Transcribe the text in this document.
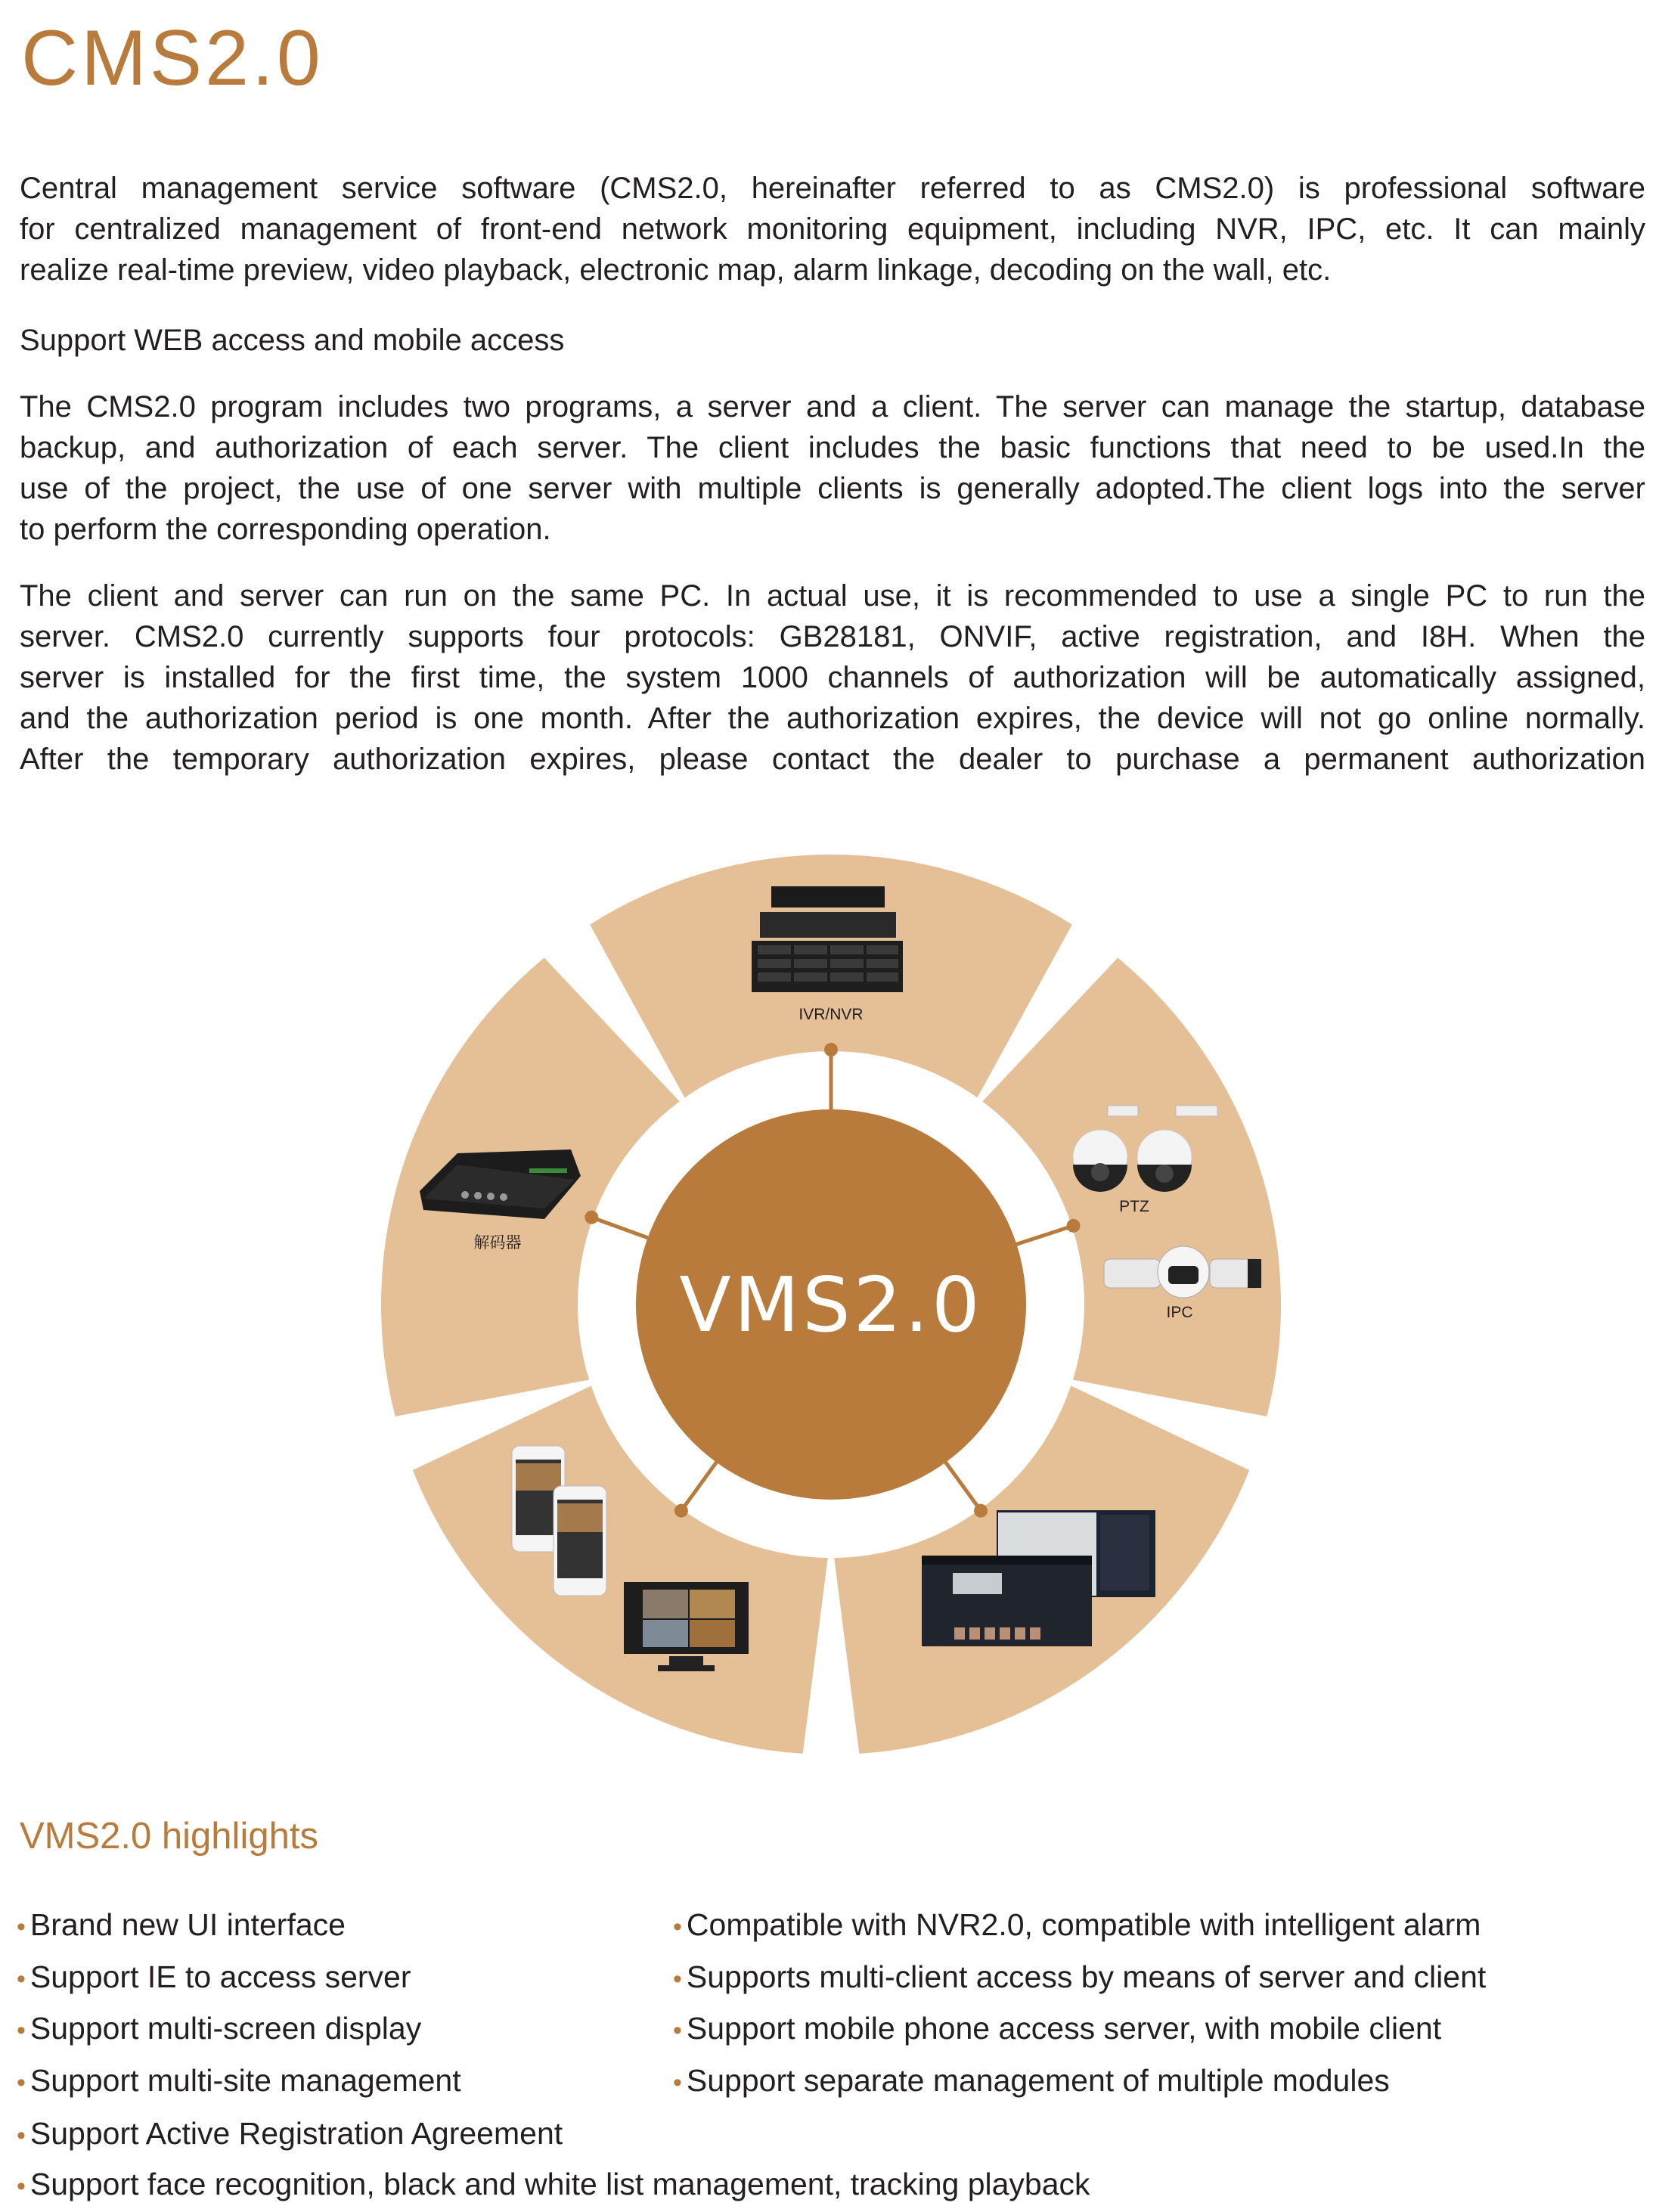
CMS2.0
Central management service software (CMS2.0, hereinafter referred to as CMS2.0) is professional software
for centralized management of front-end network monitoring equipment, including NVR, IPC, etc. It can mainly
realize real-time preview, video playback, electronic map, alarm linkage, decoding on the wall, etc.
Support WEB access and mobile access
The CMS2.0 program includes two programs, a server and a client. The server can manage the startup, database
backup, and authorization of each server. The client includes the basic functions that need to be used.In the
use of the project, the use of one server with multiple clients is generally adopted.The client logs into the server
to perform the corresponding operation.
The client and server can run on the same PC. In actual use, it is recommended to use a single PC to run the
server. CMS2.0 currently supports four protocols: GB28181, ONVIF, active registration, and I8H. When the
server is installed for the first time, the system 1000 channels of authorization will be automatically assigned,
and the authorization period is one month. After the authorization expires, the device will not go online normally.
After the temporary authorization expires, please contact the dealer to purchase a permanent authorization
VMS2.0
IVR/NVR
PTZ
IPC
解码器
VMS2.0 highlights
• Brand new UI interface
• Support IE to access server
• Support multi-screen display
• Support multi-site management
• Support Active Registration Agreement
• Support face recognition, black and white list management, tracking playback
• Compatible with NVR2.0, compatible with intelligent alarm
• Supports multi-client access by means of server and client
• Support mobile phone access server, with mobile client
• Support separate management of multiple modules
